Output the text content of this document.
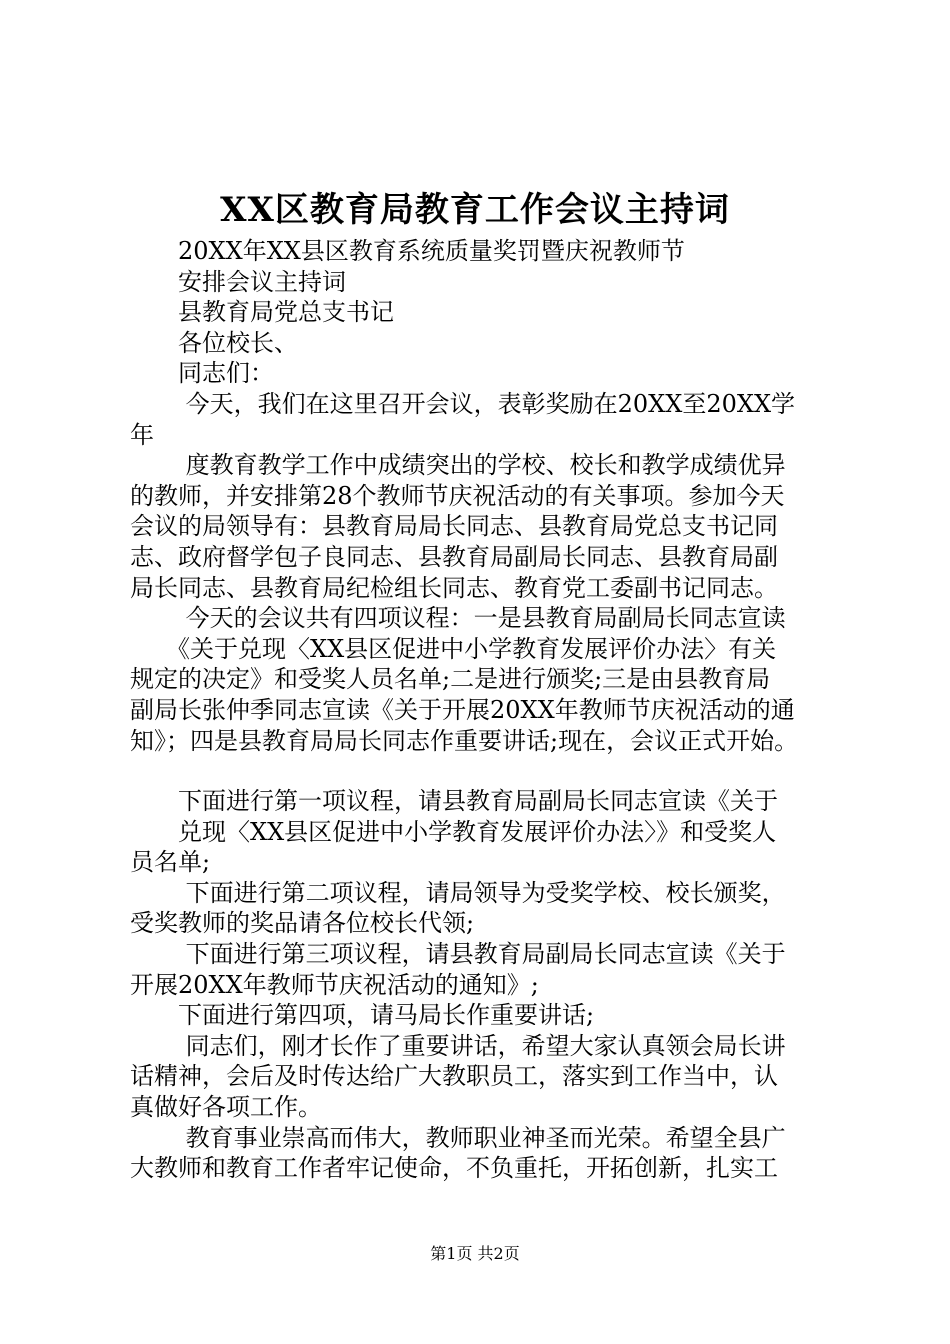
XX区教育局教育工作会议主持词

　　20XX年XX县区教育系统质量奖罚暨庆祝教师节

　　安排会议主持词

　　县教育局党总支书记

　　各位校长、

　　同志们：

　　 今天，我们在这里召开会议，表彰奖励在20XX至20XX学

年

　　 度教育教学工作中成绩突出的学校、校长和教学成绩优异

的教师，并安排第28个教师节庆祝活动的有关事项。参加今天

会议的局领导有：县教育局局长同志、县教育局党总支书记同

志、政府督学包子良同志、县教育局副局长同志、县教育局副

局长同志、县教育局纪检组长同志、教育党工委副书记同志。

　　 今天的会议共有四项议程：一是县教育局副局长同志宣读

　　《关于兑现〈XX县区促进中小学教育发展评价办法〉有关

规定的决定》和受奖人员名单;二是进行颁奖;三是由县教育局

副局长张仲季同志宣读《关于开展20XX年教师节庆祝活动的通

知》；四是县教育局局长同志作重要讲话;现在，会议正式开始。

　　下面进行第一项议程，请县教育局副局长同志宣读《关于

　　兑现〈XX县区促进中小学教育发展评价办法〉》和受奖人

员名单;

　　 下面进行第二项议程，请局领导为受奖学校、校长颁奖，

受奖教师的奖品请各位校长代领;

　　 下面进行第三项议程，请县教育局副局长同志宣读《关于

开展20XX年教师节庆祝活动的通知》;

　　下面进行第四项，请马局长作重要讲话;

　　 同志们，刚才长作了重要讲话，希望大家认真领会局长讲

话精神，会后及时传达给广大教职员工，落实到工作当中，认

真做好各项工作。

　　 教育事业崇高而伟大，教师职业神圣而光荣。希望全县广

大教师和教育工作者牢记使命，不负重托，开拓创新，扎实工

第1页 共2页
